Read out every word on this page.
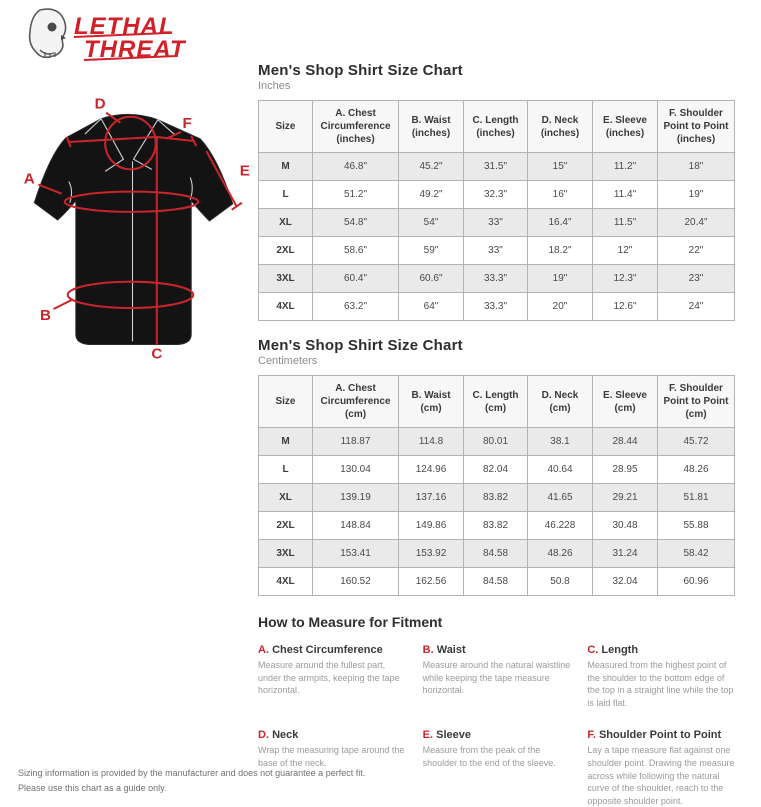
LETHAL
THREAT
A
B
C
D
E
F
Men's Shop Shirt Size Chart
Inches
Size	A. Chest Circumference (inches)	B. Waist (inches)	C. Length (inches)	D. Neck (inches)	E. Sleeve (inches)	F. Shoulder Point to Point (inches)
M	46.8"	45.2"	31.5"	15"	11.2"	18"
L	51.2"	49.2"	32.3"	16"	11.4"	19"
XL	54.8"	54"	33"	16.4"	11.5"	20.4"
2XL	58.6"	59"	33"	18.2"	12"	22"
3XL	60.4"	60.6"	33.3"	19"	12.3"	23"
4XL	63.2"	64"	33.3"	20"	12.6"	24"
Men's Shop Shirt Size Chart
Centimeters
Size	A. Chest Circumference (cm)	B. Waist (cm)	C. Length (cm)	D. Neck (cm)	E. Sleeve (cm)	F. Shoulder Point to Point (cm)
M	118.87	114.8	80.01	38.1	28.44	45.72
L	130.04	124.96	82.04	40.64	28.95	48.26
XL	139.19	137.16	83.82	41.65	29.21	51.81
2XL	148.84	149.86	83.82	46.228	30.48	55.88
3XL	153.41	153.92	84.58	48.26	31.24	58.42
4XL	160.52	162.56	84.58	50.8	32.04	60.96
How to Measure for Fitment
A. Chest Circumference

Measure around the fullest part, under the armpits, keeping the tape horizontal.

B. Waist

Measure around the natural waistline while keeping the tape measure horizontal.

C. Length

Measured from the highest point of the shoulder to the bottom edge of the top in a straight line while the top is laid flat.

D. Neck

Wrap the measuring tape around the base of the neck.

E. Sleeve

Measure from the peak of the shoulder to the end of the sleeve.

F. Shoulder Point to Point

Lay a tape measure flat against one shoulder point. Drawing the measure across while following the natural curve of the shoulder, reach to the opposite shoulder point.

Sizing information is provided by the manufacturer and does not guarantee a perfect fit.
Please use this chart as a guide only.
